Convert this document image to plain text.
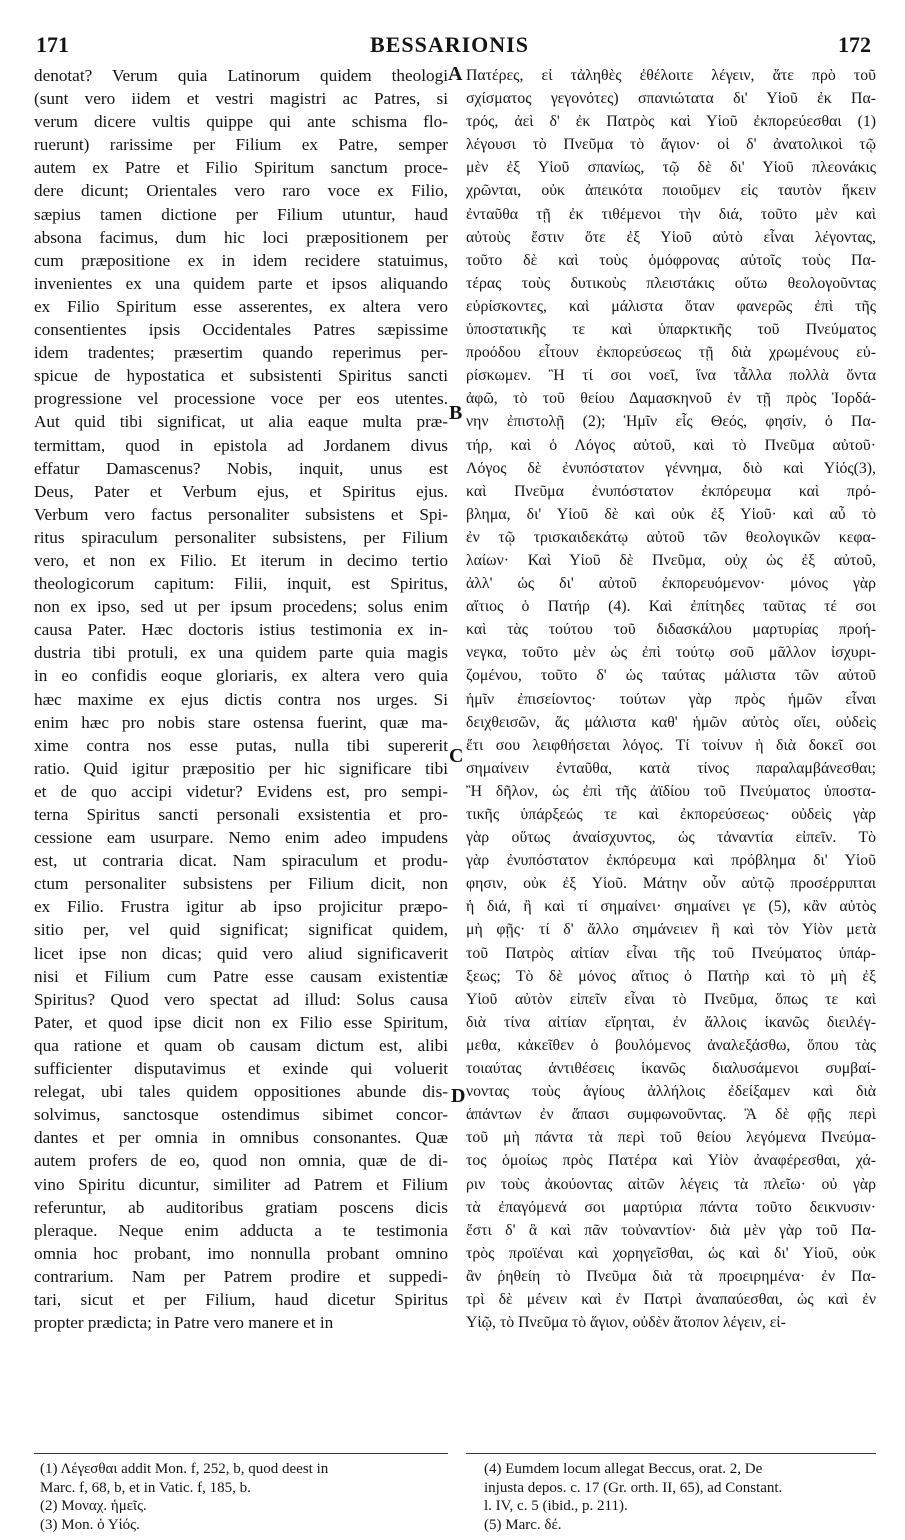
171	BESSARIONIS	172
denotat? Verum quia Latinorum quidem theologi
(sunt vero iidem et vestri magistri ac Patres, si
verum dicere vultis quippe qui ante schisma flo-
ruerunt) rarissime per Filium ex Patre, semper
autem ex Patre et Filio Spiritum sanctum proce-
dere dicunt; Orientales vero raro voce ex Filio,
sæpius tamen dictione per Filium utuntur, haud
absona facimus, dum hic loci præpositionem per
cum præpositione ex in idem recidere statuimus,
invenientes ex una quidem parte et ipsos aliquando
ex Filio Spiritum esse asserentes, ex altera vero
consentientes ipsis Occidentales Patres sæpissime
idem tradentes; præsertim quando reperimus per-
spicue de hypostatica et subsistenti Spiritus sancti
progressione vel processione voce per eos utentes.
Aut quid tibi significat, ut alia eaque multa præ-
termittam, quod in epistola ad Jordanem divus
effatur Damascenus? Nobis, inquit, unus est
Deus, Pater et Verbum ejus, et Spiritus ejus.
Verbum vero factus personaliter subsistens et Spi-
ritus spiraculum personaliter subsistens, per Filium
vero, et non ex Filio. Et iterum in decimo tertio
theologicorum capitum: Filii, inquit, est Spiritus,
non ex ipso, sed ut per ipsum procedens; solus enim
causa Pater. Hæc doctoris istius testimonia ex in-
dustria tibi protuli, ex una quidem parte quia magis
in eo confidis eoque gloriaris, ex altera vero quia
hæc maxime ex ejus dictis contra nos urges. Si
enim hæc pro nobis stare ostensa fuerint, quæ ma-
xime contra nos esse putas, nulla tibi supererit
ratio. Quid igitur præpositio per hic significare tibi
et de quo accipi videtur? Evidens est, pro sempi-
terna Spiritus sancti personali exsistentia et pro-
cessione eam usurpare. Nemo enim adeo impudens
est, ut contraria dicat. Nam spiraculum et produ-
ctum personaliter subsistens per Filium dicit, non
ex Filio. Frustra igitur ab ipso projicitur præpo-
sitio per, vel quid significat; significat quidem,
licet ipse non dicas; quid vero aliud significaverit
nisi et Filium cum Patre esse causam existentiæ
Spiritus? Quod vero spectat ad illud: Solus causa
Pater, et quod ipse dicit non ex Filio esse Spiritum,
qua ratione et quam ob causam dictum est, alibi
sufficienter disputavimus et exinde qui voluerit
relegat, ubi tales quidem oppositiones abunde dis-
solvimus, sanctosque ostendimus sibimet concor-
dantes et per omnia in omnibus consonantes. Quæ
autem profers de eo, quod non omnia, quæ de di-
vino Spiritu dicuntur, similiter ad Patrem et Filium
referuntur, ab auditoribus gratiam poscens dicis
pleraque. Neque enim adducta a te testimonia
omnia hoc probant, imo nonnulla probant omnino
contrarium. Nam per Patrem prodire et suppedi-
tari, sicut et per Filium, haud dicetur Spiritus
propter prædicta; in Patre vero manere et in
Πατέρες, εἰ τἀληθὲς ἐθέλοιτε λέγειν, ἅτε πρὸ τοῦ
σχίσματος γεγονότες) σπανιώτατα δι' Υἱοῦ ἐκ Πα-
τρός, ἀεὶ δ' ἐκ Πατρὸς καὶ Υἱοῦ ἐκπορεύεσθαι (1)
λέγουσι τὸ Πνεῦμα τὸ ἅγιον· οἱ δ' ἀνατολικοὶ τῷ
μὲν ἐξ Υἱοῦ σπανίως, τῷ δὲ δι' Υἱοῦ πλεονάκις
χρῶνται, οὐκ ἀπεικότα ποιοῦμεν εἰς ταυτὸν ἥκειν
ἐνταῦθα τῇ ἐκ τιθέμενοι τὴν διά, τοῦτο μὲν καὶ
αὐτοὺς ἔστιν ὅτε ἐξ Υἱοῦ αὐτὸ εἶναι λέγοντας,
τοῦτο δὲ καὶ τοὺς ὁμόφρονας αὐτοῖς τοὺς Πα-
τέρας τοὺς δυτικοὺς πλειστάκις οὕτω θεολογοῦντας
εὑρίσκοντες, καὶ μάλιστα ὅταν φανερῶς ἐπὶ τῆς
ὑποστατικῆς τε καὶ ὑπαρκτικῆς τοῦ Πνεύματος
προόδου εἶτουν ἐκπορεύσεως τῇ διὰ χρωμένους εὑ-
ρίσκωμεν. Ἢ τί σοι νοεῖ, ἵνα τἆλλα πολλὰ ὄντα
ἀφῶ, τὸ τοῦ θείου Δαμασκηνοῦ ἐν τῇ πρὸς Ἰορδά-
νην ἐπιστολῇ (2); Ἡμῖν εἷς Θεός, φησίν, ὁ Πα-
τήρ, καὶ ὁ Λόγος αὐτοῦ, καὶ τὸ Πνεῦμα αὐτοῦ·
Λόγος δὲ ἐνυπόστατον γέννημα, διὸ καὶ Υἱός(3),
καὶ Πνεῦμα ἐνυπόστατον ἐκπόρευμα καὶ πρό-
βλημα, δι' Υἱοῦ δὲ καὶ οὐκ ἐξ Υἱοῦ· καὶ αὖ τὸ
ἐν τῷ τρισκαιδεκάτῳ αὐτοῦ τῶν θεολογικῶν κεφα-
λαίων· Καὶ Υἱοῦ δὲ Πνεῦμα, οὐχ ὡς ἐξ αὐτοῦ,
ἀλλ' ὡς δι' αὐτοῦ ἐκπορευόμενον· μόνος γὰρ
αἴτιος ὁ Πατήρ (4). Καὶ ἐπίτηδες ταῦτας τέ σοι
καὶ τὰς τούτου τοῦ διδασκάλου μαρτυρίας προή-
νεγκα, τοῦτο μὲν ὡς ἐπὶ τούτῳ σοῦ μᾶλλον ἰσχυρι-
ζομένου, τοῦτο δ' ὡς ταύτας μάλιστα τῶν αὐτοῦ
ἡμῖν ἐπισείοντος· τούτων γὰρ πρὸς ἡμῶν εἶναι
δειχθεισῶν, ἅς μάλιστα καθ' ἡμῶν αὐτὸς οἴει, οὐδεὶς
ἔτι σου λειφθήσεται λόγος. Τί τοίνυν ἡ διὰ δοκεῖ σοι
σημαίνειν ἐνταῦθα, κατὰ τίνος παραλαμβάνεσθαι;
Ἢ δῆλον, ὡς ἐπὶ τῆς ἀϊδίου τοῦ Πνεύματος ὑποστα-
τικῆς ὑπάρξεώς τε καὶ ἐκπορεύσεως· οὐδεὶς γὰρ
γὰρ οὕτως ἀναίσχυντος, ὡς τἀναντία εἰπεῖν. Τὸ
γὰρ ἐνυπόστατον ἐκπόρευμα καὶ πρόβλημα δι' Υἱοῦ
φησιν, οὐκ ἐξ Υἱοῦ. Μάτην οὖν αὐτῷ προσέρριπται
ἡ διά, ἢ καὶ τί σημαίνει· σημαίνει γε (5), κἂν αὐτὸς
μὴ φῇς· τί δ' ἄλλο σημάνειεν ἢ καὶ τὸν Υἱὸν μετὰ
τοῦ Πατρὸς αἰτίαν εἶναι τῆς τοῦ Πνεύματος ὑπάρ-
ξεως; Τὸ δὲ μόνος αἴτιος ὁ Πατὴρ καὶ τὸ μὴ ἐξ
Υἱοῦ αὐτὸν εἰπεῖν εἶναι τὸ Πνεῦμα, ὅπως τε καὶ
διὰ τίνα αἰτίαν εἴρηται, ἐν ἄλλοις ἱκανῶς διειλέγ-
μεθα, κἀκεῖθεν ὁ βουλόμενος ἀναλεξάσθω, ὅπου τὰς
τοιαύτας ἀντιθέσεις ἱκανῶς διαλυσάμενοι συμβαί-
νοντας τοὺς ἁγίους ἀλλήλοις ἐδείξαμεν καὶ διὰ
ἁπάντων ἐν ἅπασι συμφωνοῦντας. Ἃ δὲ φῇς περὶ
τοῦ μὴ πάντα τὰ περὶ τοῦ θείου λεγόμενα Πνεύμα-
τος ὁμοίως πρὸς Πατέρα καὶ Υἱὸν ἀναφέρεσθαι, χά-
ριν τοὺς ἀκούοντας αἰτῶν λέγεις τὰ πλεῖω· οὐ γὰρ
τὰ ἐπαγόμενά σοι μαρτύρια πάντα τοῦτο δεικνυσιν·
ἔστι δ' ἃ καὶ πᾶν τοὐναντίον· διὰ μὲν γὰρ τοῦ Πα-
τρὸς προϊέναι καὶ χορηγεῖσθαι, ὡς καὶ δι' Υἱοῦ, οὐκ
ἂν ῥηθείη τὸ Πνεῦμα διὰ τὰ προειρημένα· ἐν Πα-
τρὶ δὲ μένειν καὶ ἐν Πατρὶ ἀναπαύεσθαι, ὡς καὶ ἐν
Υἱῷ, τὸ Πνεῦμα τὸ ἅγιον, οὐδὲν ἄτοπον λέγειν, εἰ-
A
B
C
D
(1) Λέγεσθαι addit Mon. f, 252, b, quod deest in
Marc. f, 68, b, et in Vatic. f, 185, b.
(2) Μοναχ. ἡμεῖς.
(3) Mon. ὁ Υἱός.
(4) Eumdem locum allegat Beccus, orat. 2, De
injusta depos. c. 17 (Gr. orth. II, 65), ad Constant.
l. IV, c. 5 (ibid., p. 211).
(5) Marc. δέ.
